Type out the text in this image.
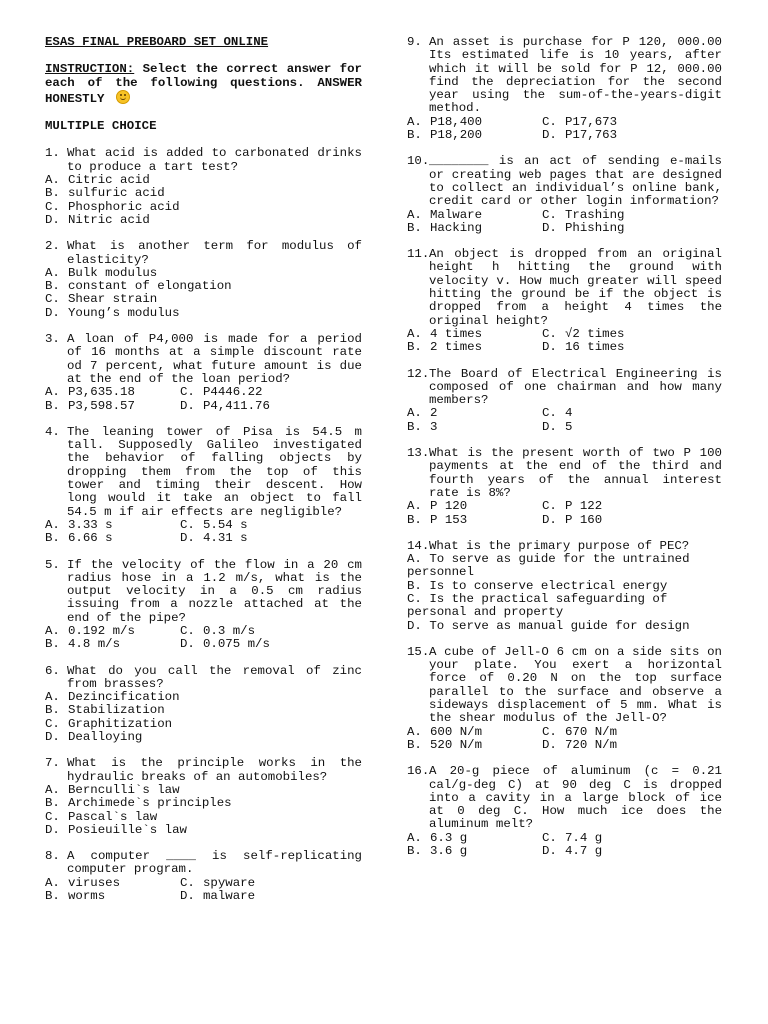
ESAS FINAL PREBOARD SET ONLINE
INSTRUCTION: Select the correct answer for each of the following questions. ANSWER HONESTLY
MULTIPLE CHOICE
1. What acid is added to carbonated drinks to produce a tart test?
A. Citric acid
B. sulfuric acid
C. Phosphoric acid
D. Nitric acid
2. What is another term for modulus of elasticity?
A. Bulk modulus
B. constant of elongation
C. Shear strain
D. Young’s modulus
3. A loan of P4,000 is made for a period of 16 months at a simple discount rate od 7 percent, what future amount is due at the end of the loan period?
A. P3,635.18	C. P4446.22
B. P3,598.57	D. P4,411.76
4. The leaning tower of Pisa is 54.5 m tall. Supposedly Galileo investigated the behavior of falling objects by dropping them from the top of this tower and timing their descent. How long would it take an object to fall 54.5 m if air effects are negligible?
A. 3.33 s	C. 5.54 s
B. 6.66 s	D. 4.31 s
5. If the velocity of the flow in a 20 cm radius hose in a 1.2 m/s, what is the output velocity in a 0.5 cm radius issuing from a nozzle attached at the end of the pipe?
A. 0.192 m/s	C. 0.3 m/s
B. 4.8 m/s	D. 0.075 m/s
6. What do you call the removal of zinc from brasses?
A. Dezincification
B. Stabilization
C. Graphitization
D. Dealloying
7. What is the principle works in the hydraulic breaks of an automobiles?
A. Bernculli`s law
B. Archimede`s principles
C. Pascal`s law
D. Posieuille`s law
8. A computer ____ is self-replicating computer program.
A. viruses	C. spyware
B. worms	D. malware
9. An asset is purchase for P 120, 000.00 Its estimated life is 10 years, after which it will be sold for P 12, 000.00 find the depreciation for the second year using the sum-of-the-years-digit method.
A. P18,400	C. P17,673
B. P18,200	D. P17,763
10. ________ is an act of sending e-mails or creating web pages that are designed to collect an individual’s online bank, credit card or other login information?
A. Malware	C. Trashing
B. Hacking	D. Phishing
11. An object is dropped from an original height h hitting the ground with velocity v. How much greater will speed hitting the ground be if the object is dropped from a height 4 times the original height?
A. 4 times	C. √2 times
B. 2 times	D. 16 times
12. The Board of Electrical Engineering is composed of one chairman and how many members?
A. 2	C. 4
B. 3	D. 5
13. What is the present worth of two P 100 payments at the end of the third and fourth years of the annual interest rate is 8%?
A. P 120	C. P 122
B. P 153	D. P 160
14. What is the primary purpose of PEC?
A. To serve as guide for the untrained personnel
B. Is to conserve electrical energy
C. Is the practical safeguarding of personal and property
D. To serve as manual guide for design
15. A cube of Jell-O 6 cm on a side sits on your plate. You exert a horizontal force of 0.20 N on the top surface parallel to the surface and observe a sideways displacement of 5 mm. What is the shear modulus of the Jell-O?
A. 600 N/m	C. 670 N/m
B. 520 N/m	D. 720 N/m
16. A 20-g piece of aluminum (c = 0.21 cal/g-deg C) at 90 deg C is dropped into a cavity in a large block of ice at 0 deg C. How much ice does the aluminum melt?
A. 6.3 g	C. 7.4 g
B. 3.6 g	D. 4.7 g
